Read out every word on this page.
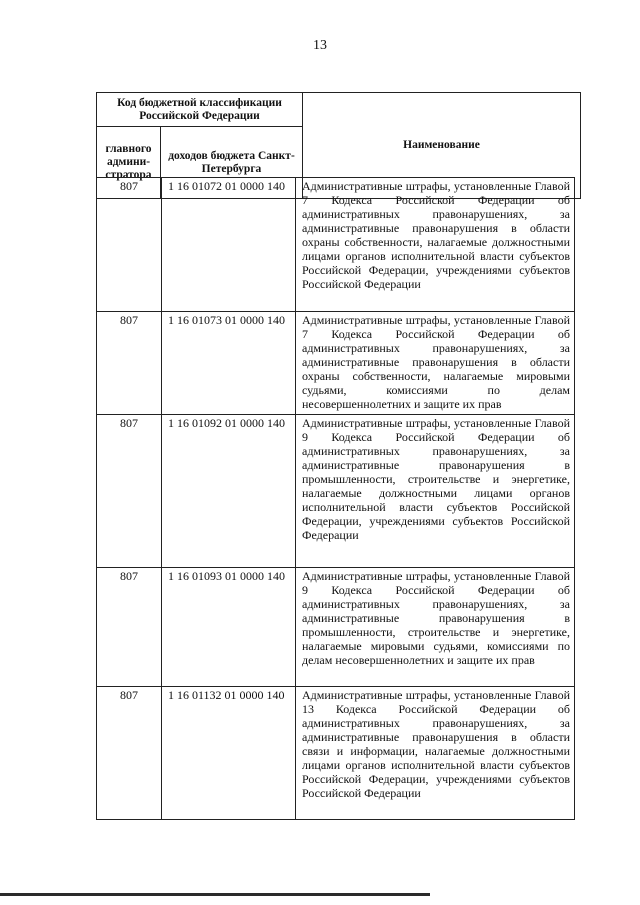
13
Код бюджетной классификации Российской Федерации		Наименование
главного админи-стратора	доходов бюджета Санкт-Петербурга	
807	1 16 01072 01 0000 140	Административные штрафы, установленные Главой 7 Кодекса Российской Федерации об административных правонарушениях, за административные правонарушения в области охраны собственности, налагаемые должностными лицами органов исполнительной власти субъектов Российской Федерации, учреждениями субъектов Российской Федерации
807	1 16 01073 01 0000 140	Административные штрафы, установленные Главой 7 Кодекса Российской Федерации об административных правонарушениях, за административные правонарушения в области охраны собственности, налагаемые мировыми судьями, комиссиями по делам несовершеннолетних и защите их прав
807	1 16 01092 01 0000 140	Административные штрафы, установленные Главой 9 Кодекса Российской Федерации об административных правонарушениях, за административные правонарушения в промышленности, строительстве и энергетике, налагаемые должностными лицами органов исполнительной власти субъектов Российской Федерации, учреждениями субъектов Российской Федерации
807	1 16 01093 01 0000 140	Административные штрафы, установленные Главой 9 Кодекса Российской Федерации об административных правонарушениях, за административные правонарушения в промышленности, строительстве и энергетике, налагаемые мировыми судьями, комиссиями по делам несовершеннолетних и защите их прав
807	1 16 01132 01 0000 140	Административные штрафы, установленные Главой 13 Кодекса Российской Федерации об административных правонарушениях, за административные правонарушения в области связи и информации, налагаемые должностными лицами органов исполнительной власти субъектов Российской Федерации, учреждениями субъектов Российской Федерации
